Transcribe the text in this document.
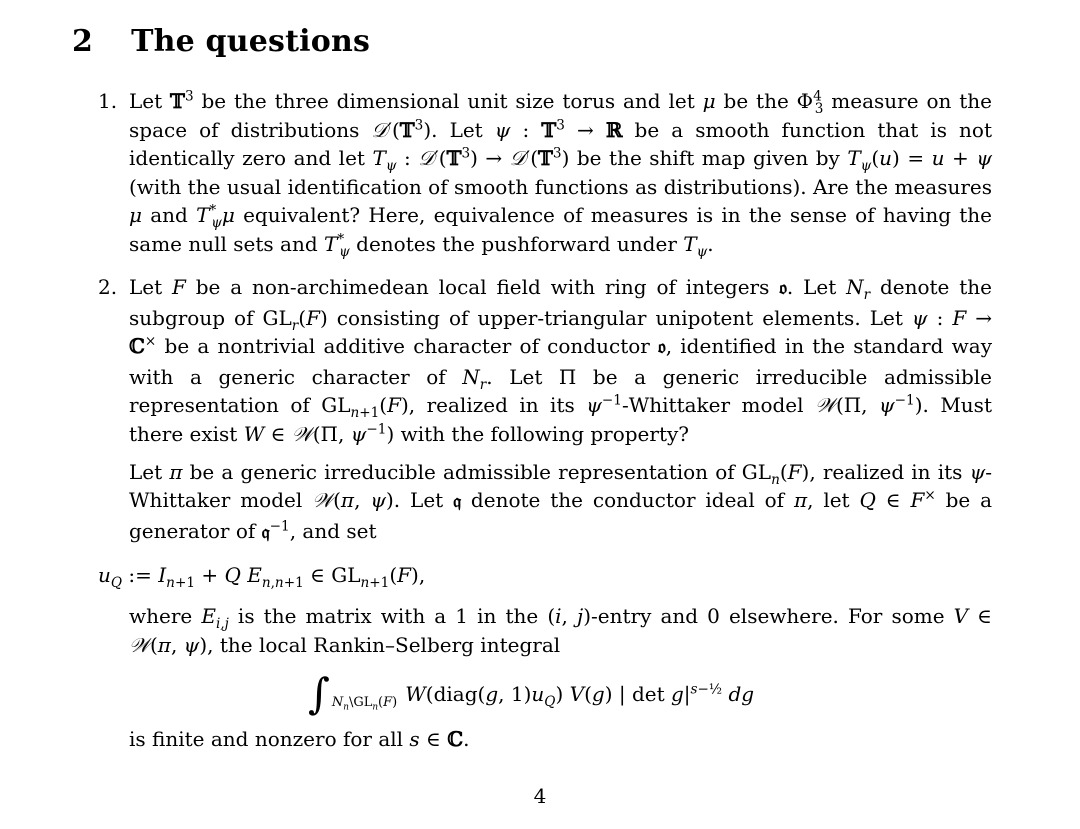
2 The questions
1. Let 𝕋$^3$ be the three dimensional unit size torus and let μ be the $\Phi^4_3$ measure on the space of distributions 𝒟′(𝕋$^3$). Let ψ : 𝕋$^3$ → ℝ be a smooth function that is not identically zero and let $T_\psi$ : 𝒟′(𝕋$^3$) → 𝒟′(𝕋$^3$) be the shift map given by $T_\psi(u) = u + \psi$ (with the usual identification of smooth functions as distributions). Are the measures μ and $T^*_\psi\mu$ equivalent? Here, equivalence of measures is in the sense of having the same null sets and $T^*_\psi$ denotes the pushforward under $T_\psi$.
2. Let F be a non-archimedean local field with ring of integers 𝔬. Let $N_r$ denote the subgroup of $GL_r(F)$ consisting of upper-triangular unipotent elements. Let ψ : F → ℂ× be a nontrivial additive character of conductor 𝔬, identified in the standard way with a generic character of $N_r$. Let Π be a generic irreducible admissible representation of $GL_{n+1}(F)$, realized in its $\psi^{-1}$-Whittaker model 𝒲(Π, $\psi^{-1}$). Must there exist W ∈ 𝒲(Π, $\psi^{-1}$) with the following property?
Let π be a generic irreducible admissible representation of $GL_n(F)$, realized in its ψ-Whittaker model 𝒲(π, ψ). Let 𝔮 denote the conductor ideal of π, let Q ∈ F× be a generator of 𝔮$^{-1}$, and set
$u_Q$ := $I_{n+1} + Q$ $E_{n,n+1}$ ∈ $GL_{n+1}(F)$,
where $E_{i,j}$ is the matrix with a 1 in the (i, j)-entry and 0 elsewhere. For some V ∈ 𝒲(π, ψ), the local Rankin–Selberg integral
∫ $N_n\backslash GL_n(F)$ W(diag(g, $1)u_Q$) V(g) | $\det g|^{s-\frac{1}{2}}$ dg
is finite and nonzero for all s ∈ ℂ.
4
